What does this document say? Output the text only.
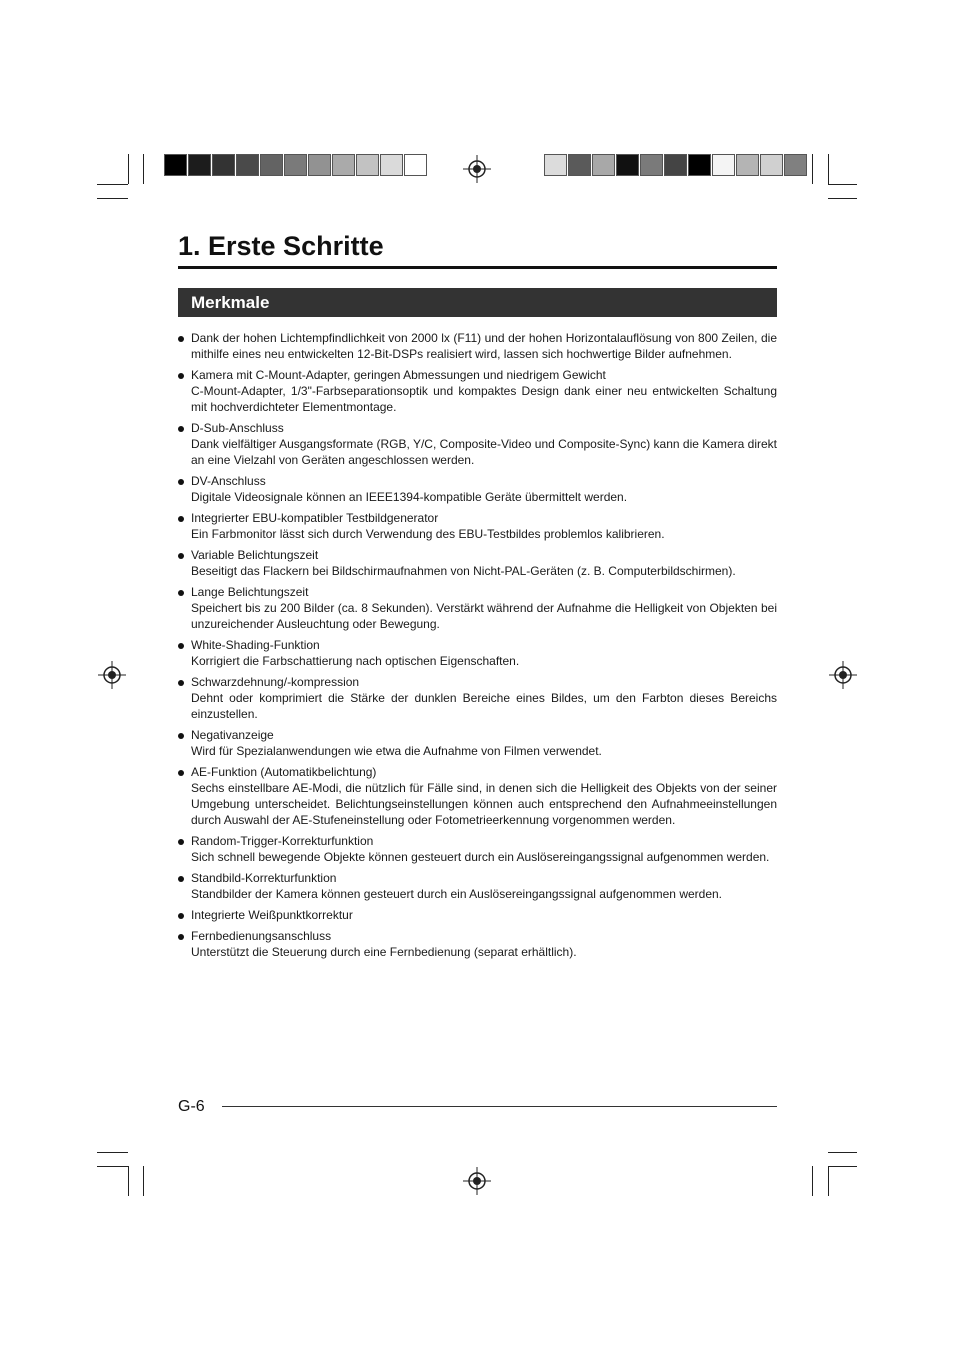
1. Erste Schritte
Merkmale
Dank der hohen Lichtempfindlichkeit von 2000 lx (F11) und der hohen Horizontalauflösung von 800 Zeilen, die mithilfe eines neu entwickelten 12-Bit-DSPs realisiert wird, lassen sich hochwertige Bilder aufnehmen.
Kamera mit C-Mount-Adapter, geringen Abmessungen und niedrigem Gewicht
C-Mount-Adapter, 1/3"-Farbseparationsoptik und kompaktes Design dank einer neu entwickelten Schaltung mit hochverdichteter Elementmontage.
D-Sub-Anschluss
Dank vielfältiger Ausgangsformate (RGB, Y/C, Composite-Video und Composite-Sync) kann die Kamera direkt an eine Vielzahl von Geräten angeschlossen werden.
DV-Anschluss
Digitale Videosignale können an IEEE1394-kompatible Geräte übermittelt werden.
Integrierter EBU-kompatibler Testbildgenerator
Ein Farbmonitor lässt sich durch Verwendung des EBU-Testbildes problemlos kalibrieren.
Variable Belichtungszeit
Beseitigt das Flackern bei Bildschirmaufnahmen von Nicht-PAL-Geräten (z. B. Computerbildschirmen).
Lange Belichtungszeit
Speichert bis zu 200 Bilder (ca. 8 Sekunden). Verstärkt während der Aufnahme die Helligkeit von Objekten bei unzureichender Ausleuchtung oder Bewegung.
White-Shading-Funktion
Korrigiert die Farbschattierung nach optischen Eigenschaften.
Schwarzdehnung/-kompression
Dehnt oder komprimiert die Stärke der dunklen Bereiche eines Bildes, um den Farbton dieses Bereichs einzustellen.
Negativanzeige
Wird für Spezialanwendungen wie etwa die Aufnahme von Filmen verwendet.
AE-Funktion (Automatikbelichtung)
Sechs einstellbare AE-Modi, die nützlich für Fälle sind, in denen sich die Helligkeit des Objekts von der seiner Umgebung unterscheidet. Belichtungseinstellungen können auch entsprechend den Aufnahmeeinstellungen durch Auswahl der AE-Stufeneinstellung oder Fotometrieerkennung vorgenommen werden.
Random-Trigger-Korrekturfunktion
Sich schnell bewegende Objekte können gesteuert durch ein Auslösereingangssignal aufgenommen werden.
Standbild-Korrekturfunktion
Standbilder der Kamera können gesteuert durch ein Auslösereingangssignal aufgenommen werden.
Integrierte Weißpunktkorrektur
Fernbedienungsanschluss
Unterstützt die Steuerung durch eine Fernbedienung (separat erhältlich).
G-6
